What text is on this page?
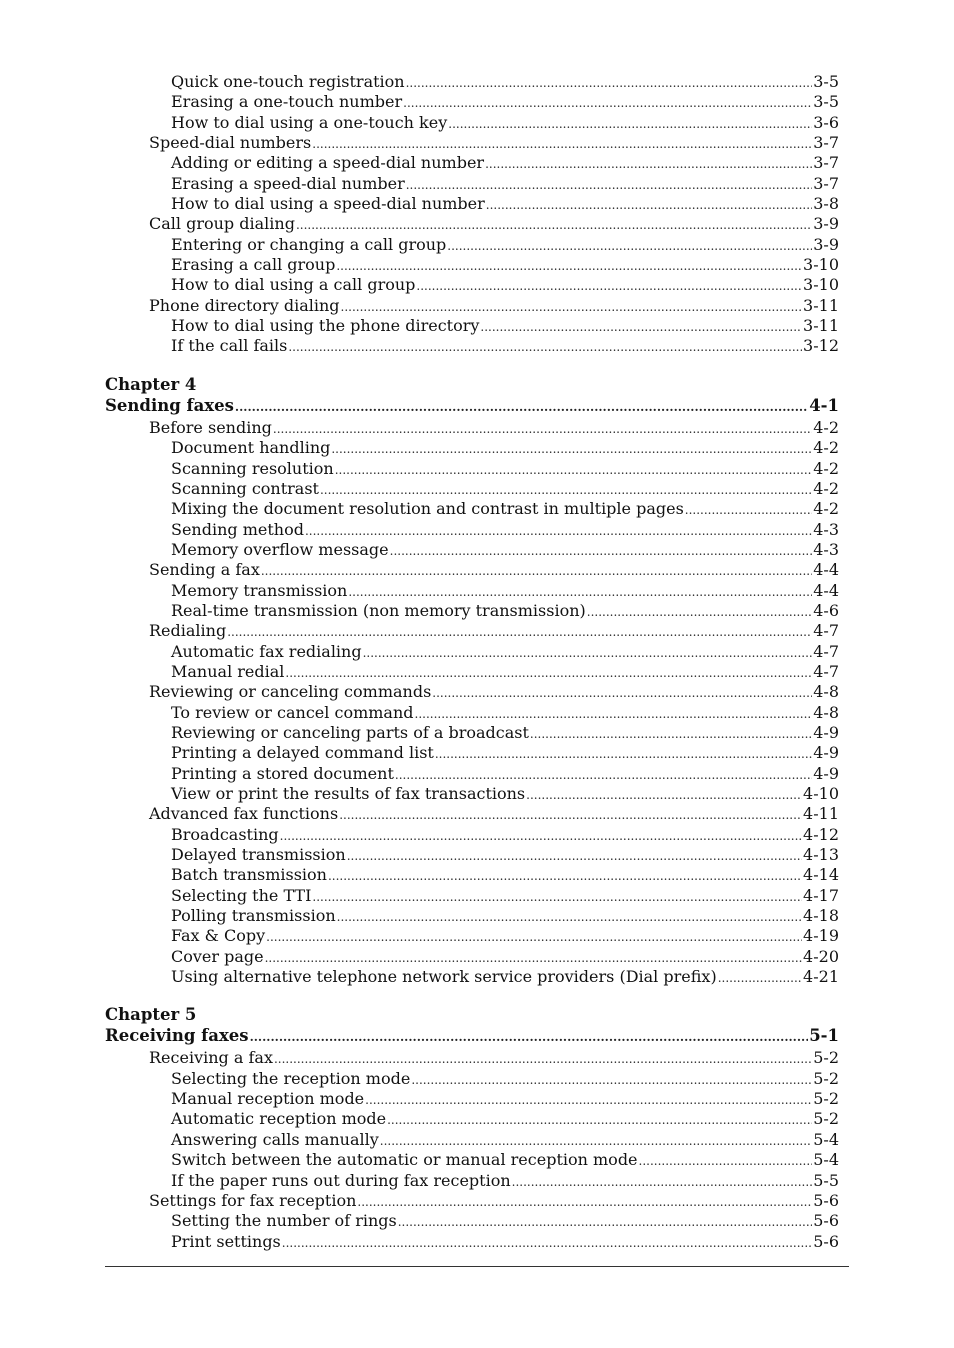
Quick one-touch registration .....	3-5
Erasing a one-touch number .....	3-5
How to dial using a one-touch key .....	3-6
Speed-dial numbers .....	3-7
Adding or editing a speed-dial number .....	3-7
Erasing a speed-dial number .....	3-7
How to dial using a speed-dial number .....	3-8
Call group dialing .....	3-9
Entering or changing a call group .....	3-9
Erasing a call group .....	3-10
How to dial using a call group .....	3-10
Phone directory dialing .....	3-11
How to dial using the phone directory .....	3-11
If the call fails .....	3-12
Chapter 4
Sending faxes .....	4-1
Before sending .....	4-2
Document handling .....	4-2
Scanning resolution .....	4-2
Scanning contrast .....	4-2
Mixing the document resolution and contrast in multiple pages .....	4-2
Sending method .....	4-3
Memory overflow message .....	4-3
Sending a fax .....	4-4
Memory transmission .....	4-4
Real-time transmission (non memory transmission) .....	4-6
Redialing .....	4-7
Automatic fax redialing .....	4-7
Manual redial .....	4-7
Reviewing or canceling commands .....	4-8
To review or cancel command .....	4-8
Reviewing or canceling parts of a broadcast .....	4-9
Printing a delayed command list .....	4-9
Printing a stored document .....	4-9
View or print the results of fax transactions .....	4-10
Advanced fax functions .....	4-11
Broadcasting .....	4-12
Delayed transmission .....	4-13
Batch transmission .....	4-14
Selecting the TTI .....	4-17
Polling transmission .....	4-18
Fax & Copy .....	4-19
Cover page .....	4-20
Using alternative telephone network service providers (Dial prefix) .....	4-21
Chapter 5
Receiving faxes .....	5-1
Receiving a fax .....	5-2
Selecting the reception mode .....	5-2
Manual reception mode .....	5-2
Automatic reception mode .....	5-2
Answering calls manually .....	5-4
Switch between the automatic or manual reception mode .....	5-4
If the paper runs out during fax reception .....	5-5
Settings for fax reception .....	5-6
Setting the number of rings .....	5-6
Print settings .....	5-6
